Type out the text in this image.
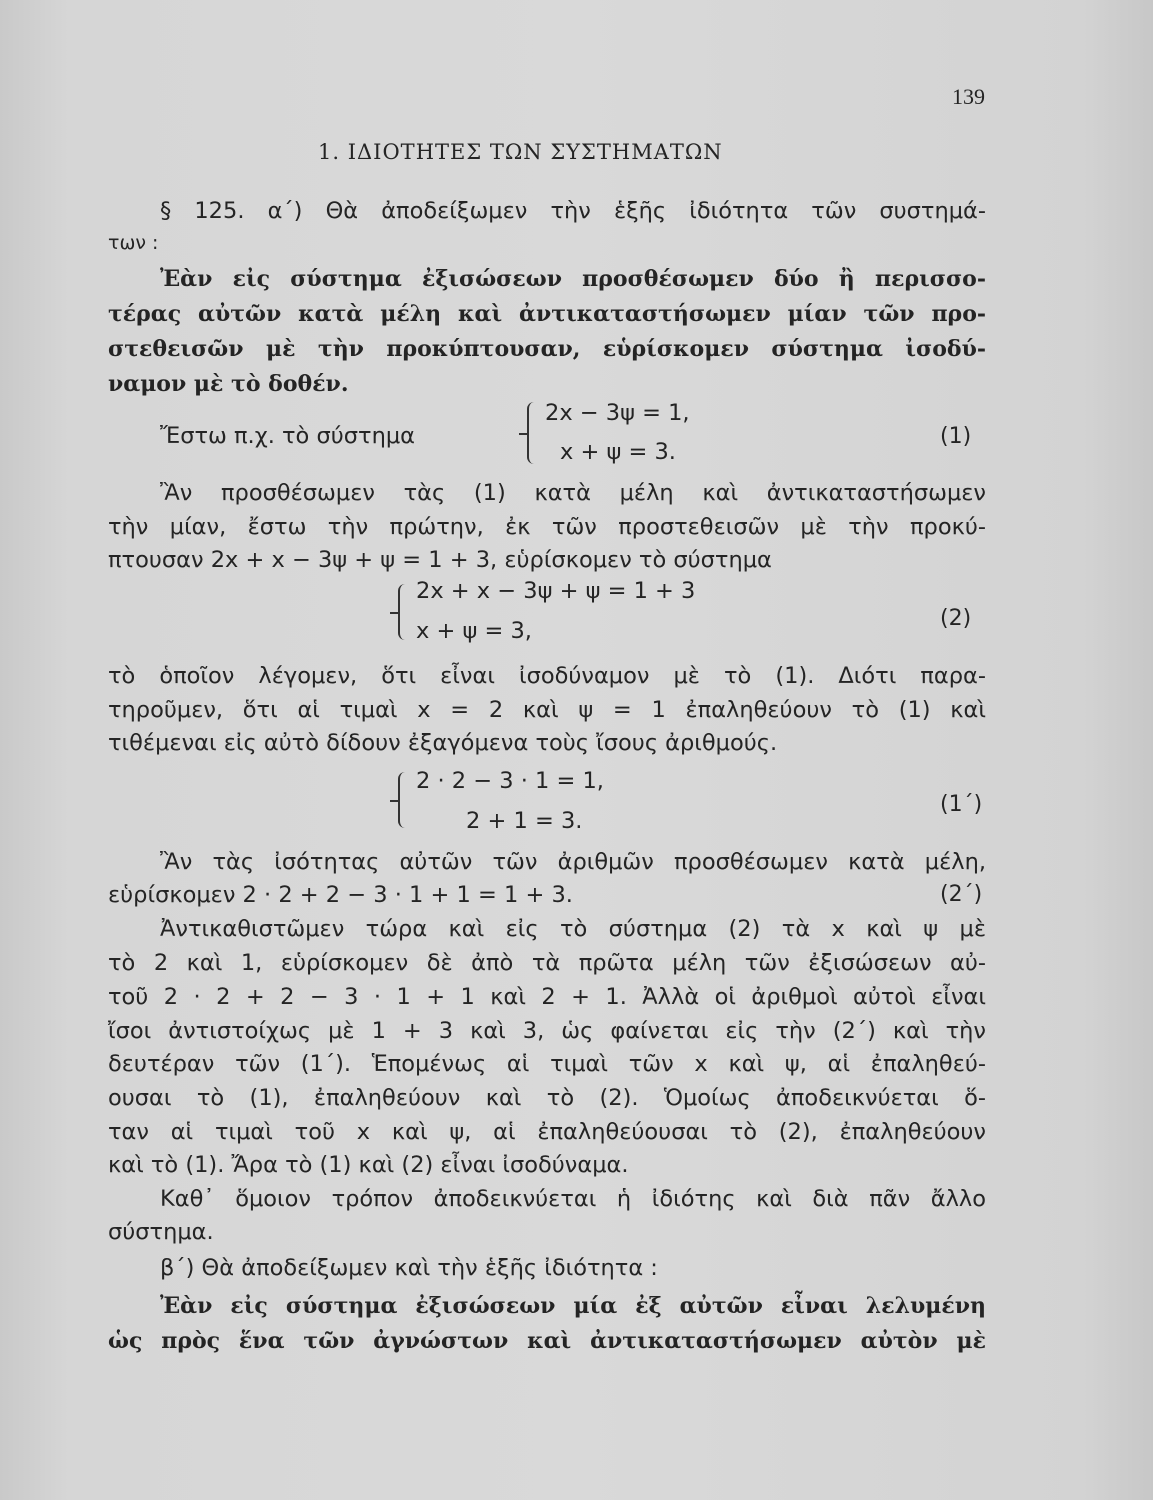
139
1. ΙΔΙΟΤΗΤΕΣ ΤΩΝ ΣΥΣΤΗΜΑΤΩΝ
§ 125. α΄) Θὰ ἀποδείξωμεν τὴν ἑξῆς ἰδιότητα τῶν συστημά-
των :
Ἐὰν εἰς σύστημα ἐξισώσεων προσθέσωμεν δύο ἢ περισσο-
τέρας αὐτῶν κατὰ μέλη καὶ ἀντικαταστήσωμεν μίαν τῶν προ-
στεθεισῶν μὲ τὴν προκύπτουσαν, εὑρίσκομεν σύστημα ἰσοδύ-
ναμον μὲ τὸ δοθέν.
Ἔστω π.χ. τὸ σύστημα
2x − 3ψ = 1,
x + ψ = 3.
(1)
Ἂν προσθέσωμεν τὰς (1) κατὰ μέλη καὶ ἀντικαταστήσωμεν
τὴν μίαν, ἔστω τὴν πρώτην, ἐκ τῶν προστεθεισῶν μὲ τὴν προκύ-
πτουσαν 2x + x − 3ψ + ψ = 1 + 3, εὑρίσκομεν τὸ σύστημα
2x + x − 3ψ + ψ = 1 + 3
x + ψ = 3,	(2)
τὸ ὁποῖον λέγομεν, ὅτι εἶναι ἰσοδύναμον μὲ τὸ (1). Διότι παρα-
τηροῦμεν, ὅτι αἱ τιμαὶ x = 2 καὶ ψ = 1 ἐπαληθεύουν τὸ (1) καὶ
τιθέμεναι εἰς αὐτὸ δίδουν ἐξαγόμενα τοὺς ἴσους ἀριθμούς.
2 · 2 − 3 · 1 = 1,
2 + 1 = 3.
(1΄)
Ἂν τὰς ἰσότητας αὐτῶν τῶν ἀριθμῶν προσθέσωμεν κατὰ μέλη,
εὑρίσκομεν 2 · 2 + 2 − 3 · 1 + 1 = 1 + 3.	(2΄)
Ἀντικαθιστῶμεν τώρα καὶ εἰς τὸ σύστημα (2) τὰ x καὶ ψ μὲ
τὸ 2 καὶ 1, εὑρίσκομεν δὲ ἀπὸ τὰ πρῶτα μέλη τῶν ἐξισώσεων αὐ-
τοῦ 2 · 2 + 2 − 3 · 1 + 1 καὶ 2 + 1. Ἀλλὰ οἱ ἀριθμοὶ αὐτοὶ εἶναι
ἴσοι ἀντιστοίχως μὲ 1 + 3 καὶ 3, ὡς φαίνεται εἰς τὴν (2΄) καὶ τὴν
δευτέραν τῶν (1΄). Ἑπομένως αἱ τιμαὶ τῶν x καὶ ψ, αἱ ἐπαληθεύ-
ουσαι τὸ (1), ἐπαληθεύουν καὶ τὸ (2). Ὁμοίως ἀποδεικνύεται ὅ-
ταν αἱ τιμαὶ τοῦ x καὶ ψ, αἱ ἐπαληθεύουσαι τὸ (2), ἐπαληθεύουν
καὶ τὸ (1). Ἄρα τὸ (1) καὶ (2) εἶναι ἰσοδύναμα.
Καθ᾽ ὅμοιον τρόπον ἀποδεικνύεται ἡ ἰδιότης καὶ διὰ πᾶν ἄλλο
σύστημα.
β΄) Θὰ ἀποδείξωμεν καὶ τὴν ἑξῆς ἰδιότητα :
Ἐὰν εἰς σύστημα ἐξισώσεων μία ἐξ αὐτῶν εἶναι λελυμένη
ὡς πρὸς ἕνα τῶν ἀγνώστων καὶ ἀντικαταστήσωμεν αὐτὸν μὲ
